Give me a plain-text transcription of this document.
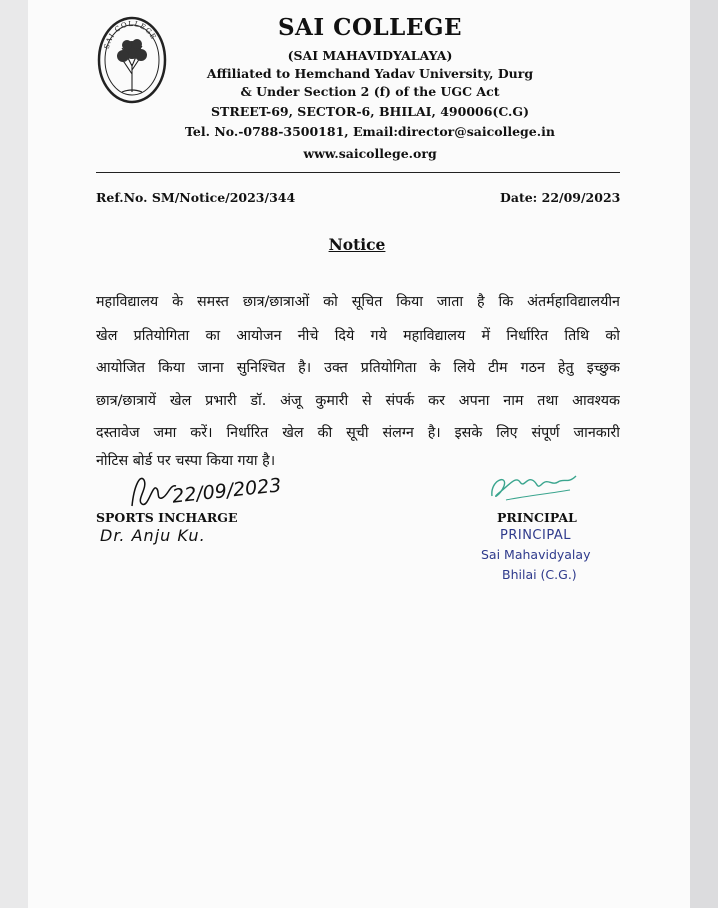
SAI COLLEGE	SAI COLLEGE
(SAI MAHAVIDYALAYA)
Affiliated to Hemchand Yadav University, Durg
& Under Section 2 (f) of the UGC Act
STREET-69, SECTOR-6, BHILAI, 490006(C.G)
Tel. No.-0788-3500181, Email:director@saicollege.in
www.saicollege.org
Ref.No. SM/Notice/2023/344	Date: 22/09/2023
Notice
महाविद्यालय के समस्त छात्र/छात्राओं को सूचित किया जाता है कि अंतर्महाविद्यालयीन
खेल प्रतियोगिता का आयोजन नीचे दिये गये महाविद्यालय में निर्धारित तिथि को
आयोजित किया जाना सुनिश्चित है। उक्त प्रतियोगिता के लिये टीम गठन हेतु इच्छुक
छात्र/छात्रायें खेल प्रभारी डॉ. अंजू कुमारी से संपर्क कर अपना नाम तथा आवश्यक
दस्तावेज जमा करें। निर्धारित खेल की सूची संलग्न है। इसके लिए संपूर्ण जानकारी
नोटिस बोर्ड पर चस्पा किया गया है।
22/09/2023
SPORTS INCHARGE
Dr. Anju Ku.
PRINCIPAL
PRINCIPAL
Sai Mahavidyalay
Bhilai (C.G.)
